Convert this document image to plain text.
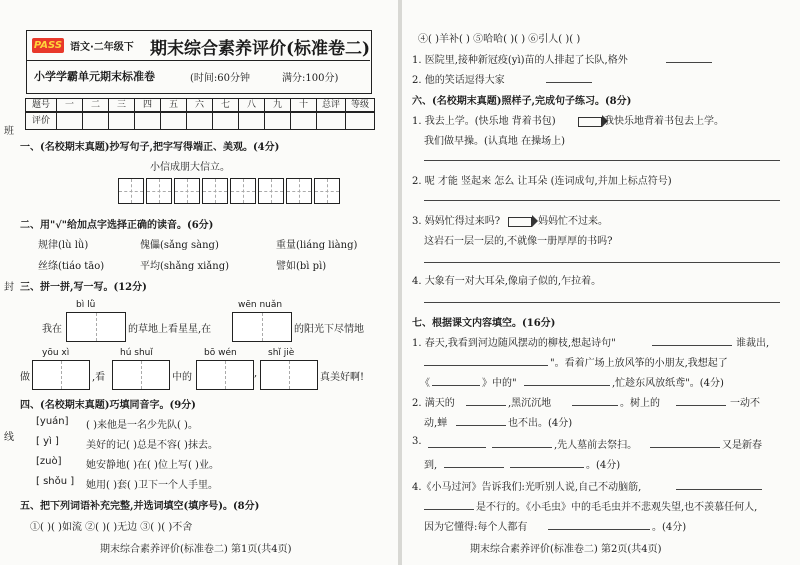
班
封
线
PASS 语文·二年级下 期末综合素养评价(标准卷二)
小学学霸单元期末标准卷	(时间:60分钟	满分:100分)
题号	一	二	三	四	五	六	七	八	九	十	总评	等级
评价
一、(名校期末真题)抄写句子,把字写得端正、美观。(4分)
小信成朋大信立。
二、用"√"给加点字选择正确的读音。(6分)
规律(lù lǜ)	傀儡(sǎng sàng)	重量(liáng liàng)
丝绦(tiáo tāo)	平均(shǎng xiǎng)	譬如(bì pì)
三、拼一拼,写一写。(12分)
bì lǜ	wēn nuǎn
我在	的草地上看星星,在	的阳光下尽情地
yōu xì	hú shuǐ	bō wén	shǐ jiè
做	,看	中的	,	真美好啊!
四、(名校期末真题)巧填同音字。(9分)
[yuán] ( )来他是一名少先队( )。
[ yì ]	美好的记( )总是不容( )抹去。
[zuò] 她安静地( )在( )位上写( )业。
[ shǒu ] 她用( )套( )卫下一个人手里。
五、把下列词语补充完整,并选词填空(填序号)。(8分)
①( )( )如流 ②( )( )无边 ③( )( )不舍
期末综合素养评价(标准卷二) 第1页(共4页)
④( )羊补( ) ⑤哈哈( )( ) ⑥引人( )( )
1. 医院里,接种新冠疫(yì)苗的人排起了长队,格外
2. 他的笑话逗得大家
六、(名校期末真题)照样子,完成句子练习。(8分)
1. 我去上学。(快乐地 背着书包)	我快乐地背着书包去上学。
我们做早操。(认真地 在操场上)
2. 呢 才能 竖起来 怎么 让耳朵 (连词成句,并加上标点符号)
3. 妈妈忙得过来吗?	妈妈忙不过来。
这岩石一层一层的,不就像一册厚厚的书吗?
4. 大象有一对大耳朵,像扇子似的,乍拉着。
七、根据课文内容填空。(16分)
1. 春天,我看到河边随风摆动的柳枝,想起诗句"	谁裁出,
"。看着广场上放风筝的小朋友,我想起了
《	》中的"	,忙趁东风放纸鸢"。(4分)
2. 满天的	,黑沉沉地	。树上的	一动不
动,蝉	也不出。(4分)
3.	,先人墓前去祭扫。	又是新春
到,	。(4分)
4.《小马过河》告诉我们:光听别人说,自己不动脑筋,
是不行的。《小毛虫》中的毛毛虫并不悲观失望,也不羡慕任何人,
因为它懂得:每个人都有	。(4分)
期末综合素养评价(标准卷二) 第2页(共4页)
